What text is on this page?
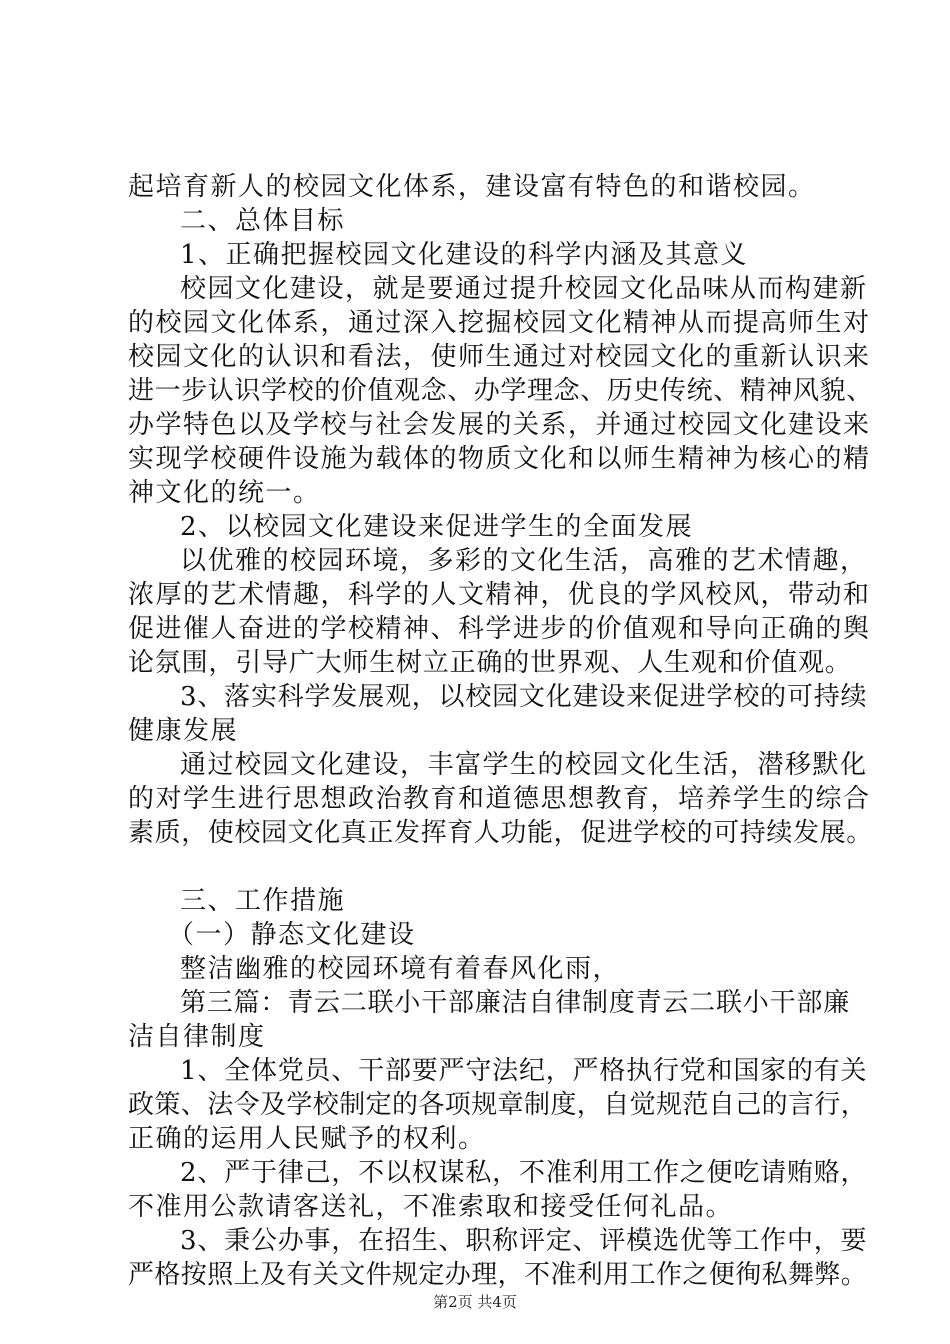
起培育新人的校园文化体系，建设富有特色的和谐校园。
二、总体目标
1、正确把握校园文化建设的科学内涵及其意义
校园文化建设，就是要通过提升校园文化品味从而构建新
的校园文化体系，通过深入挖掘校园文化精神从而提高师生对
校园文化的认识和看法，使师生通过对校园文化的重新认识来
进一步认识学校的价值观念、办学理念、历史传统、精神风貌、
办学特色以及学校与社会发展的关系，并通过校园文化建设来
实现学校硬件设施为载体的物质文化和以师生精神为核心的精
神文化的统一。
2、以校园文化建设来促进学生的全面发展
以优雅的校园环境，多彩的文化生活，高雅的艺术情趣，
浓厚的艺术情趣，科学的人文精神，优良的学风校风，带动和
促进催人奋进的学校精神、科学进步的价值观和导向正确的舆
论氛围，引导广大师生树立正确的世界观、人生观和价值观。
3、落实科学发展观，以校园文化建设来促进学校的可持续
健康发展
通过校园文化建设，丰富学生的校园文化生活，潜移默化
的对学生进行思想政治教育和道德思想教育，培养学生的综合
素质，使校园文化真正发挥育人功能，促进学校的可持续发展。
三、工作措施
（一）静态文化建设
整洁幽雅的校园环境有着春风化雨，
第三篇：青云二联小干部廉洁自律制度青云二联小干部廉
洁自律制度
1、全体党员、干部要严守法纪，严格执行党和国家的有关
政策、法令及学校制定的各项规章制度，自觉规范自己的言行，
正确的运用人民赋予的权利。
2、严于律己，不以权谋私，不准利用工作之便吃请贿赂，
不准用公款请客送礼，不准索取和接受任何礼品。
3、秉公办事，在招生、职称评定、评模选优等工作中，要
严格按照上及有关文件规定办理，不准利用工作之便徇私舞弊。
第2页 共4页
